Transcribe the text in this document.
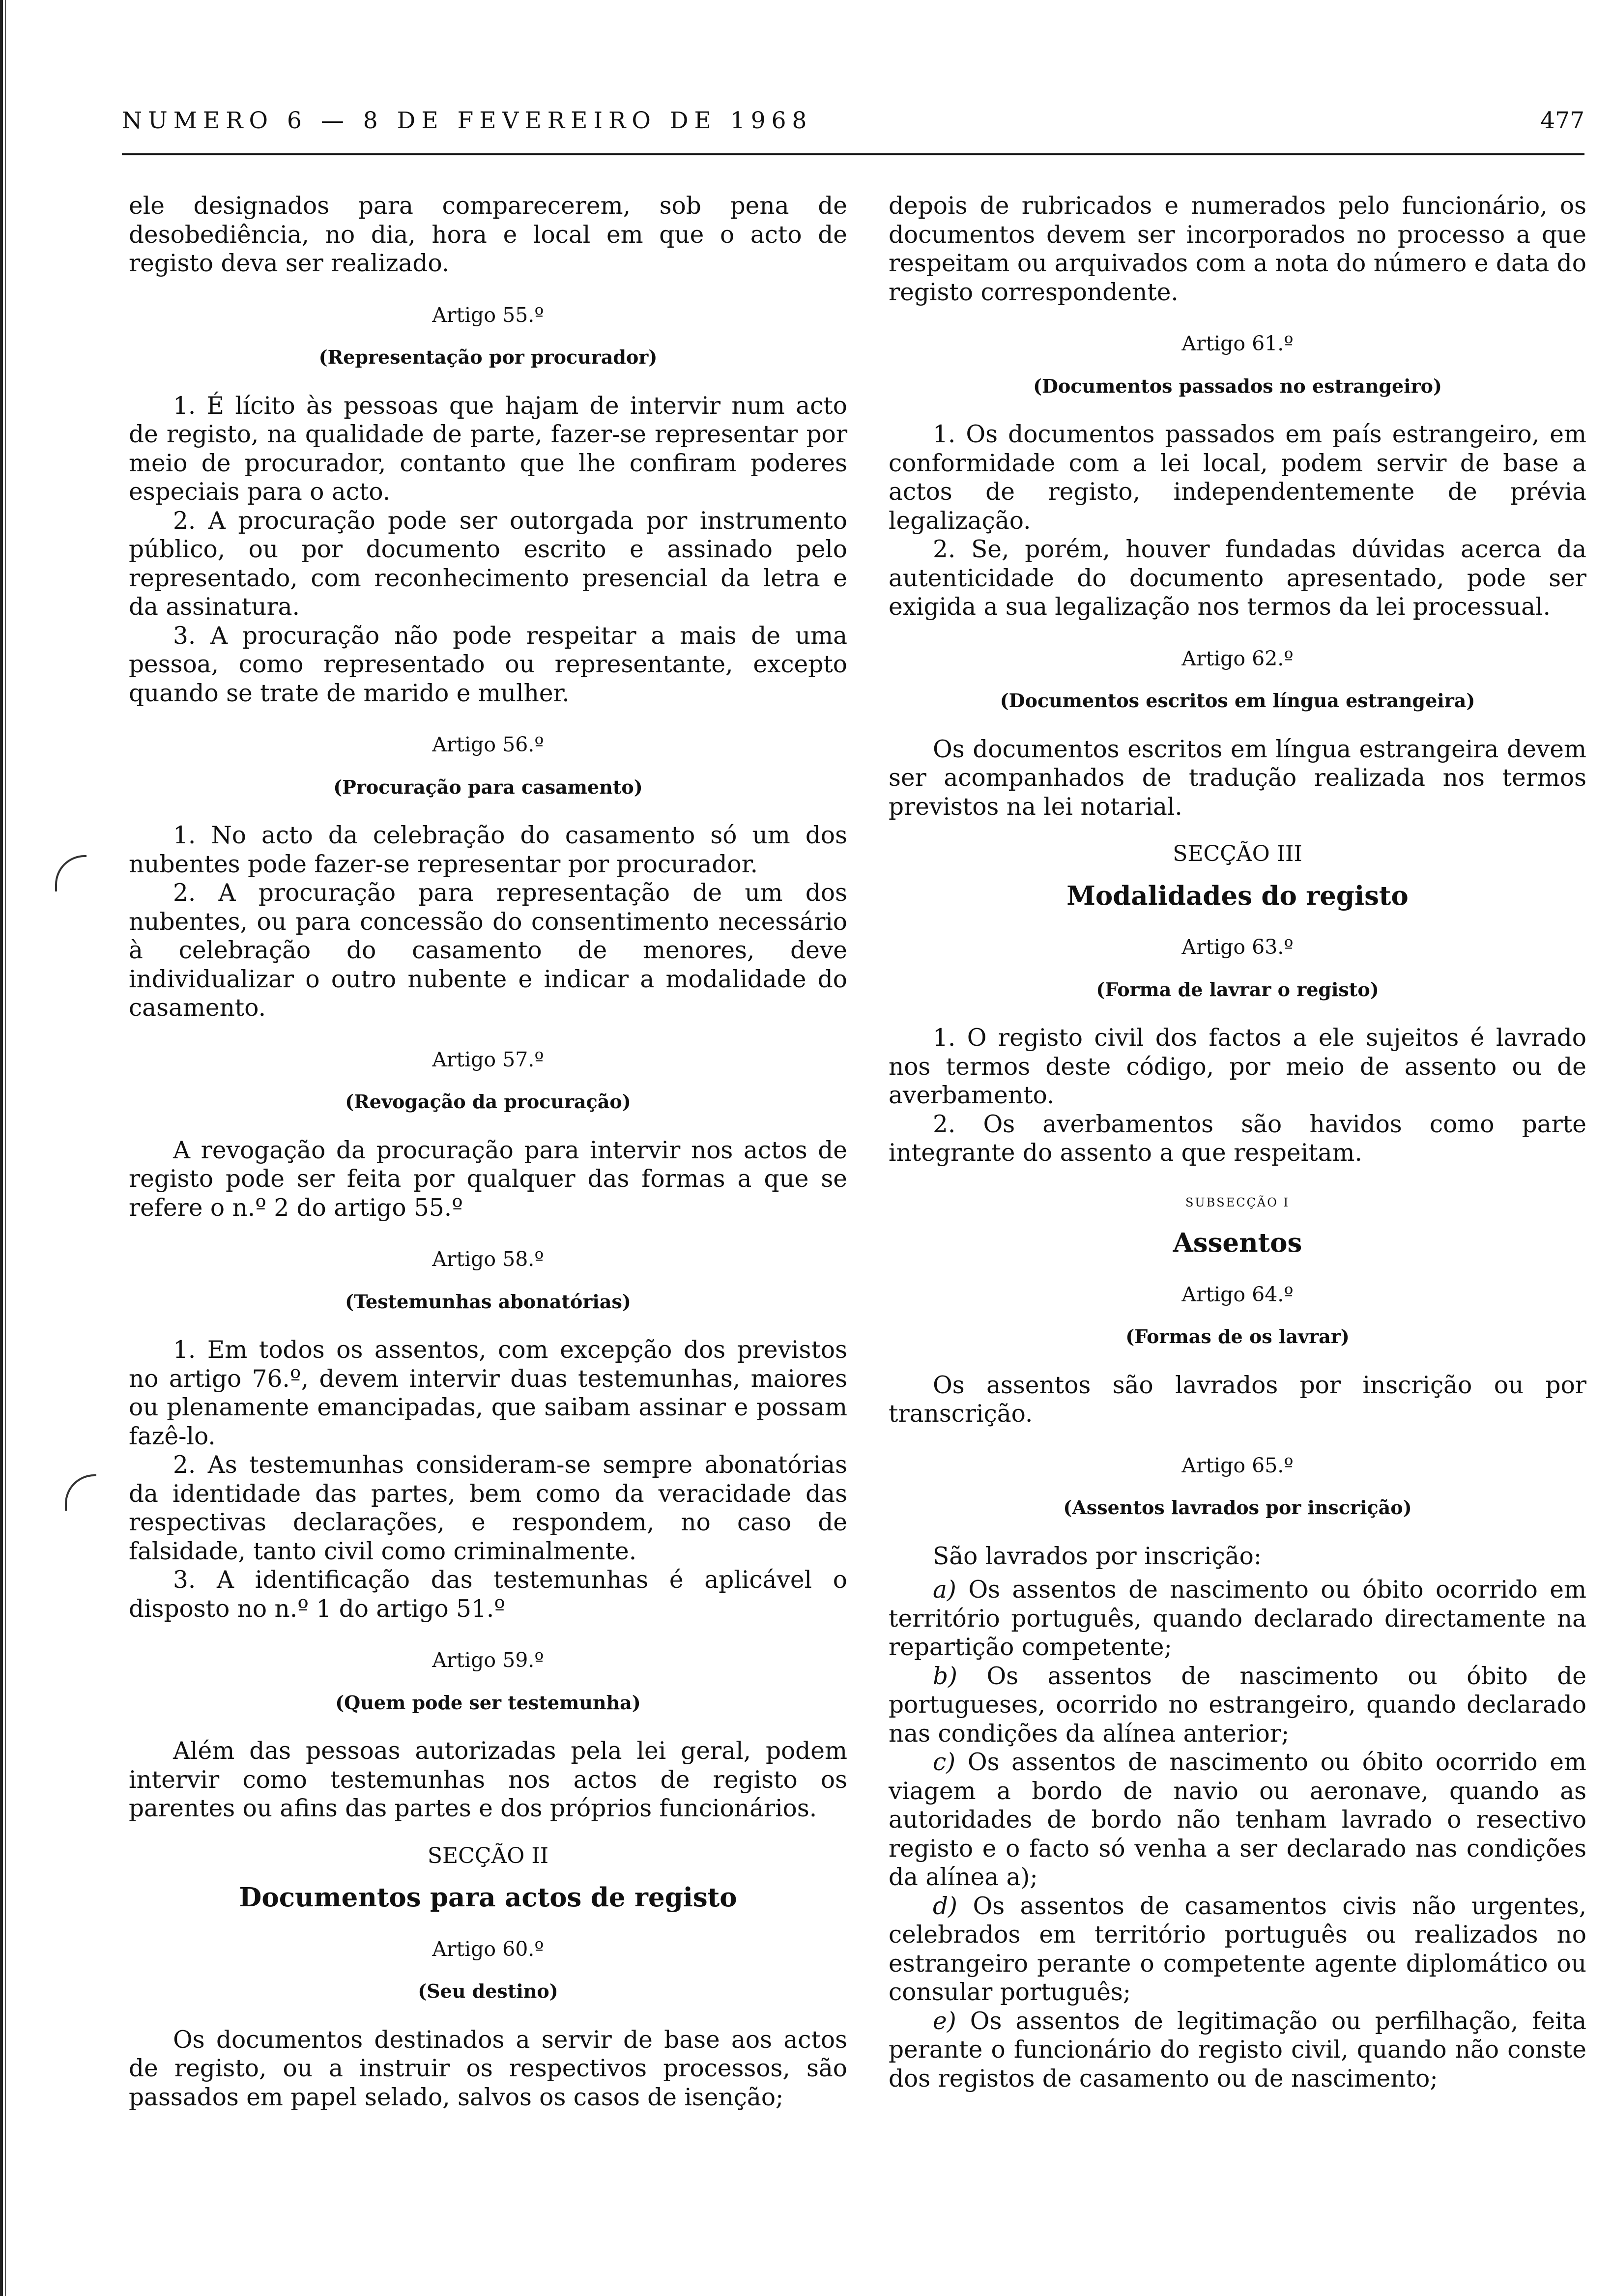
NUMERO 6 — 8 DE FEVEREIRO DE 1968	477

ele designados para comparecerem, sob pena de desobediência, no dia, hora e local em que o acto de registo deva ser realizado.

Artigo 55.º
(Representação por procurador)

1. É lícito às pessoas que hajam de intervir num acto de registo, na qualidade de parte, fazer-se representar por meio de procurador, contanto que lhe confiram poderes especiais para o acto.

2. A procuração pode ser outorgada por instrumento público, ou por documento escrito e assinado pelo representado, com reconhecimento presencial da letra e da assinatura.

3. A procuração não pode respeitar a mais de uma pessoa, como representado ou representante, excepto quando se trate de marido e mulher.

Artigo 56.º
(Procuração para casamento)

1. No acto da celebração do casamento só um dos nubentes pode fazer-se representar por procurador.

2. A procuração para representação de um dos nubentes, ou para concessão do consentimento necessário à celebração do casamento de menores, deve individualizar o outro nubente e indicar a modalidade do casamento.

Artigo 57.º
(Revogação da procuração)

A revogação da procuração para intervir nos actos de registo pode ser feita por qualquer das formas a que se refere o n.º 2 do artigo 55.º

Artigo 58.º
(Testemunhas abonatórias)

1. Em todos os assentos, com excepção dos previstos no artigo 76.º, devem intervir duas testemunhas, maiores ou plenamente emancipadas, que saibam assinar e possam fazê-lo.

2. As testemunhas consideram-se sempre abonatórias da identidade das partes, bem como da veracidade das respectivas declarações, e respondem, no caso de falsidade, tanto civil como criminalmente.

3. A identificação das testemunhas é aplicável o disposto no n.º 1 do artigo 51.º

Artigo 59.º
(Quem pode ser testemunha)

Além das pessoas autorizadas pela lei geral, podem intervir como testemunhas nos actos de registo os parentes ou afins das partes e dos próprios funcionários.

SECÇÃO II
Documentos para actos de registo
Artigo 60.º
(Seu destino)

Os documentos destinados a servir de base aos actos de registo, ou a instruir os respectivos processos, são passados em papel selado, salvos os casos de isenção;

depois de rubricados e numerados pelo funcionário, os documentos devem ser incorporados no processo a que respeitam ou arquivados com a nota do número e data do registo correspondente.

Artigo 61.º
(Documentos passados no estrangeiro)

1. Os documentos passados em país estrangeiro, em conformidade com a lei local, podem servir de base a actos de registo, independentemente de prévia legalização.

2. Se, porém, houver fundadas dúvidas acerca da autenticidade do documento apresentado, pode ser exigida a sua legalização nos termos da lei processual.

Artigo 62.º
(Documentos escritos em língua estrangeira)

Os documentos escritos em língua estrangeira devem ser acompanhados de tradução realizada nos termos previstos na lei notarial.

SECÇÃO III
Modalidades do registo
Artigo 63.º
(Forma de lavrar o registo)

1. O registo civil dos factos a ele sujeitos é lavrado nos termos deste código, por meio de assento ou de averbamento.

2. Os averbamentos são havidos como parte integrante do assento a que respeitam.

SUBSECÇÃO I
Assentos
Artigo 64.º
(Formas de os lavrar)

Os assentos são lavrados por inscrição ou por transcrição.

Artigo 65.º
(Assentos lavrados por inscrição)

São lavrados por inscrição:

a) Os assentos de nascimento ou óbito ocorrido em território português, quando declarado directamente na repartição competente;

b) Os assentos de nascimento ou óbito de portugueses, ocorrido no estrangeiro, quando declarado nas condições da alínea anterior;

c) Os assentos de nascimento ou óbito ocorrido em viagem a bordo de navio ou aeronave, quando as autoridades de bordo não tenham lavrado o resectivo registo e o facto só venha a ser declarado nas condições da alínea a);

d) Os assentos de casamentos civis não urgentes, celebrados em território português ou realizados no estrangeiro perante o competente agente diplomático ou consular português;

e) Os assentos de legitimação ou perfilhação, feita perante o funcionário do registo civil, quando não conste dos registos de casamento ou de nascimento;
